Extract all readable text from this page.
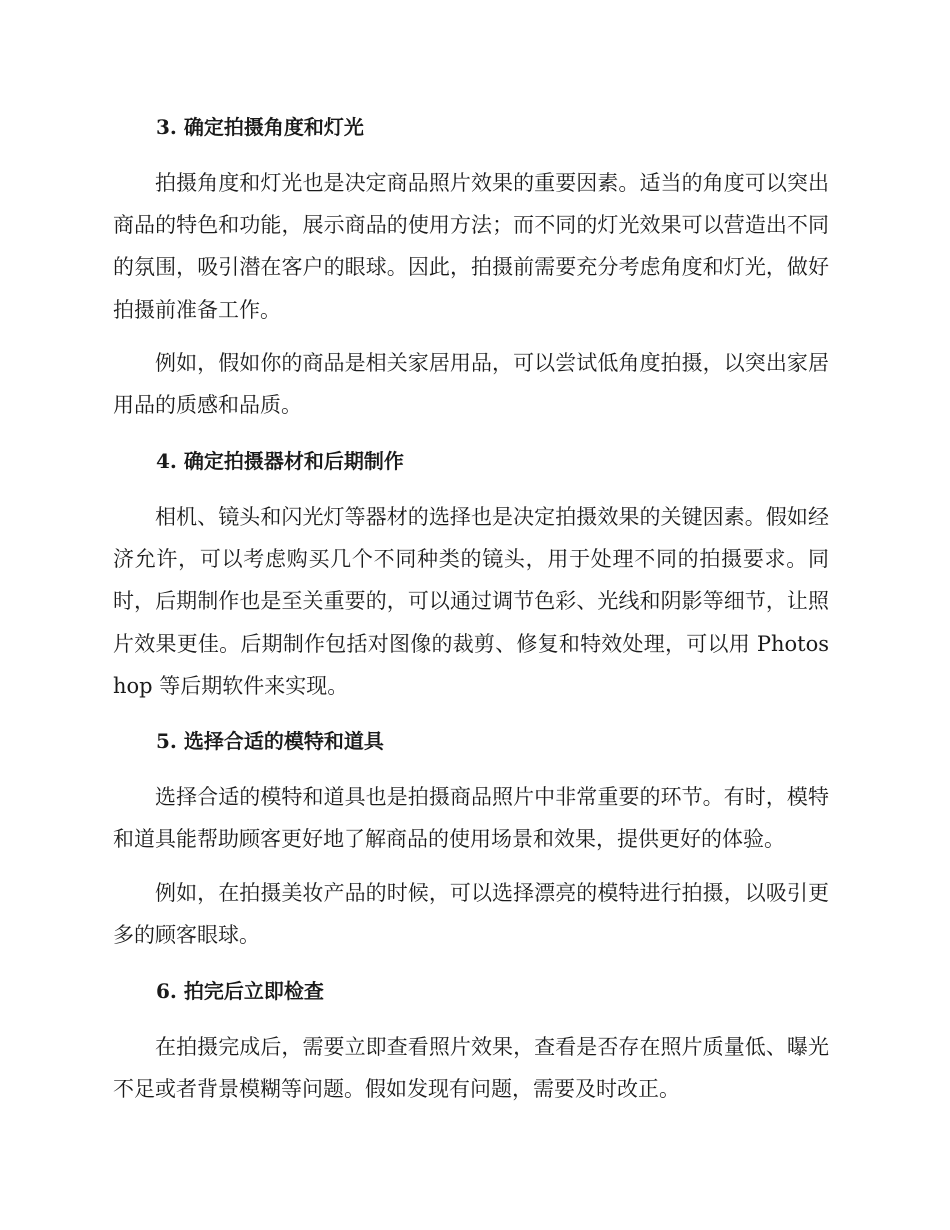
3. 确定拍摄角度和灯光

拍摄角度和灯光也是决定商品照片效果的重要因素。适当的角度可以突出商品的特色和功能，展示商品的使用方法；而不同的灯光效果可以营造出不同的氛围，吸引潜在客户的眼球。因此，拍摄前需要充分考虑角度和灯光，做好拍摄前准备工作。

例如，假如你的商品是相关家居用品，可以尝试低角度拍摄，以突出家居用品的质感和品质。

4. 确定拍摄器材和后期制作

相机、镜头和闪光灯等器材的选择也是决定拍摄效果的关键因素。假如经济允许，可以考虑购买几个不同种类的镜头，用于处理不同的拍摄要求。同时，后期制作也是至关重要的，可以通过调节色彩、光线和阴影等细节，让照片效果更佳。后期制作包括对图像的裁剪、修复和特效处理，可以用 Photoshop 等后期软件来实现。

5. 选择合适的模特和道具

选择合适的模特和道具也是拍摄商品照片中非常重要的环节。有时，模特和道具能帮助顾客更好地了解商品的使用场景和效果，提供更好的体验。

例如，在拍摄美妆产品的时候，可以选择漂亮的模特进行拍摄，以吸引更多的顾客眼球。

6. 拍完后立即检查

在拍摄完成后，需要立即查看照片效果，查看是否存在照片质量低、曝光不足或者背景模糊等问题。假如发现有问题，需要及时改正。
